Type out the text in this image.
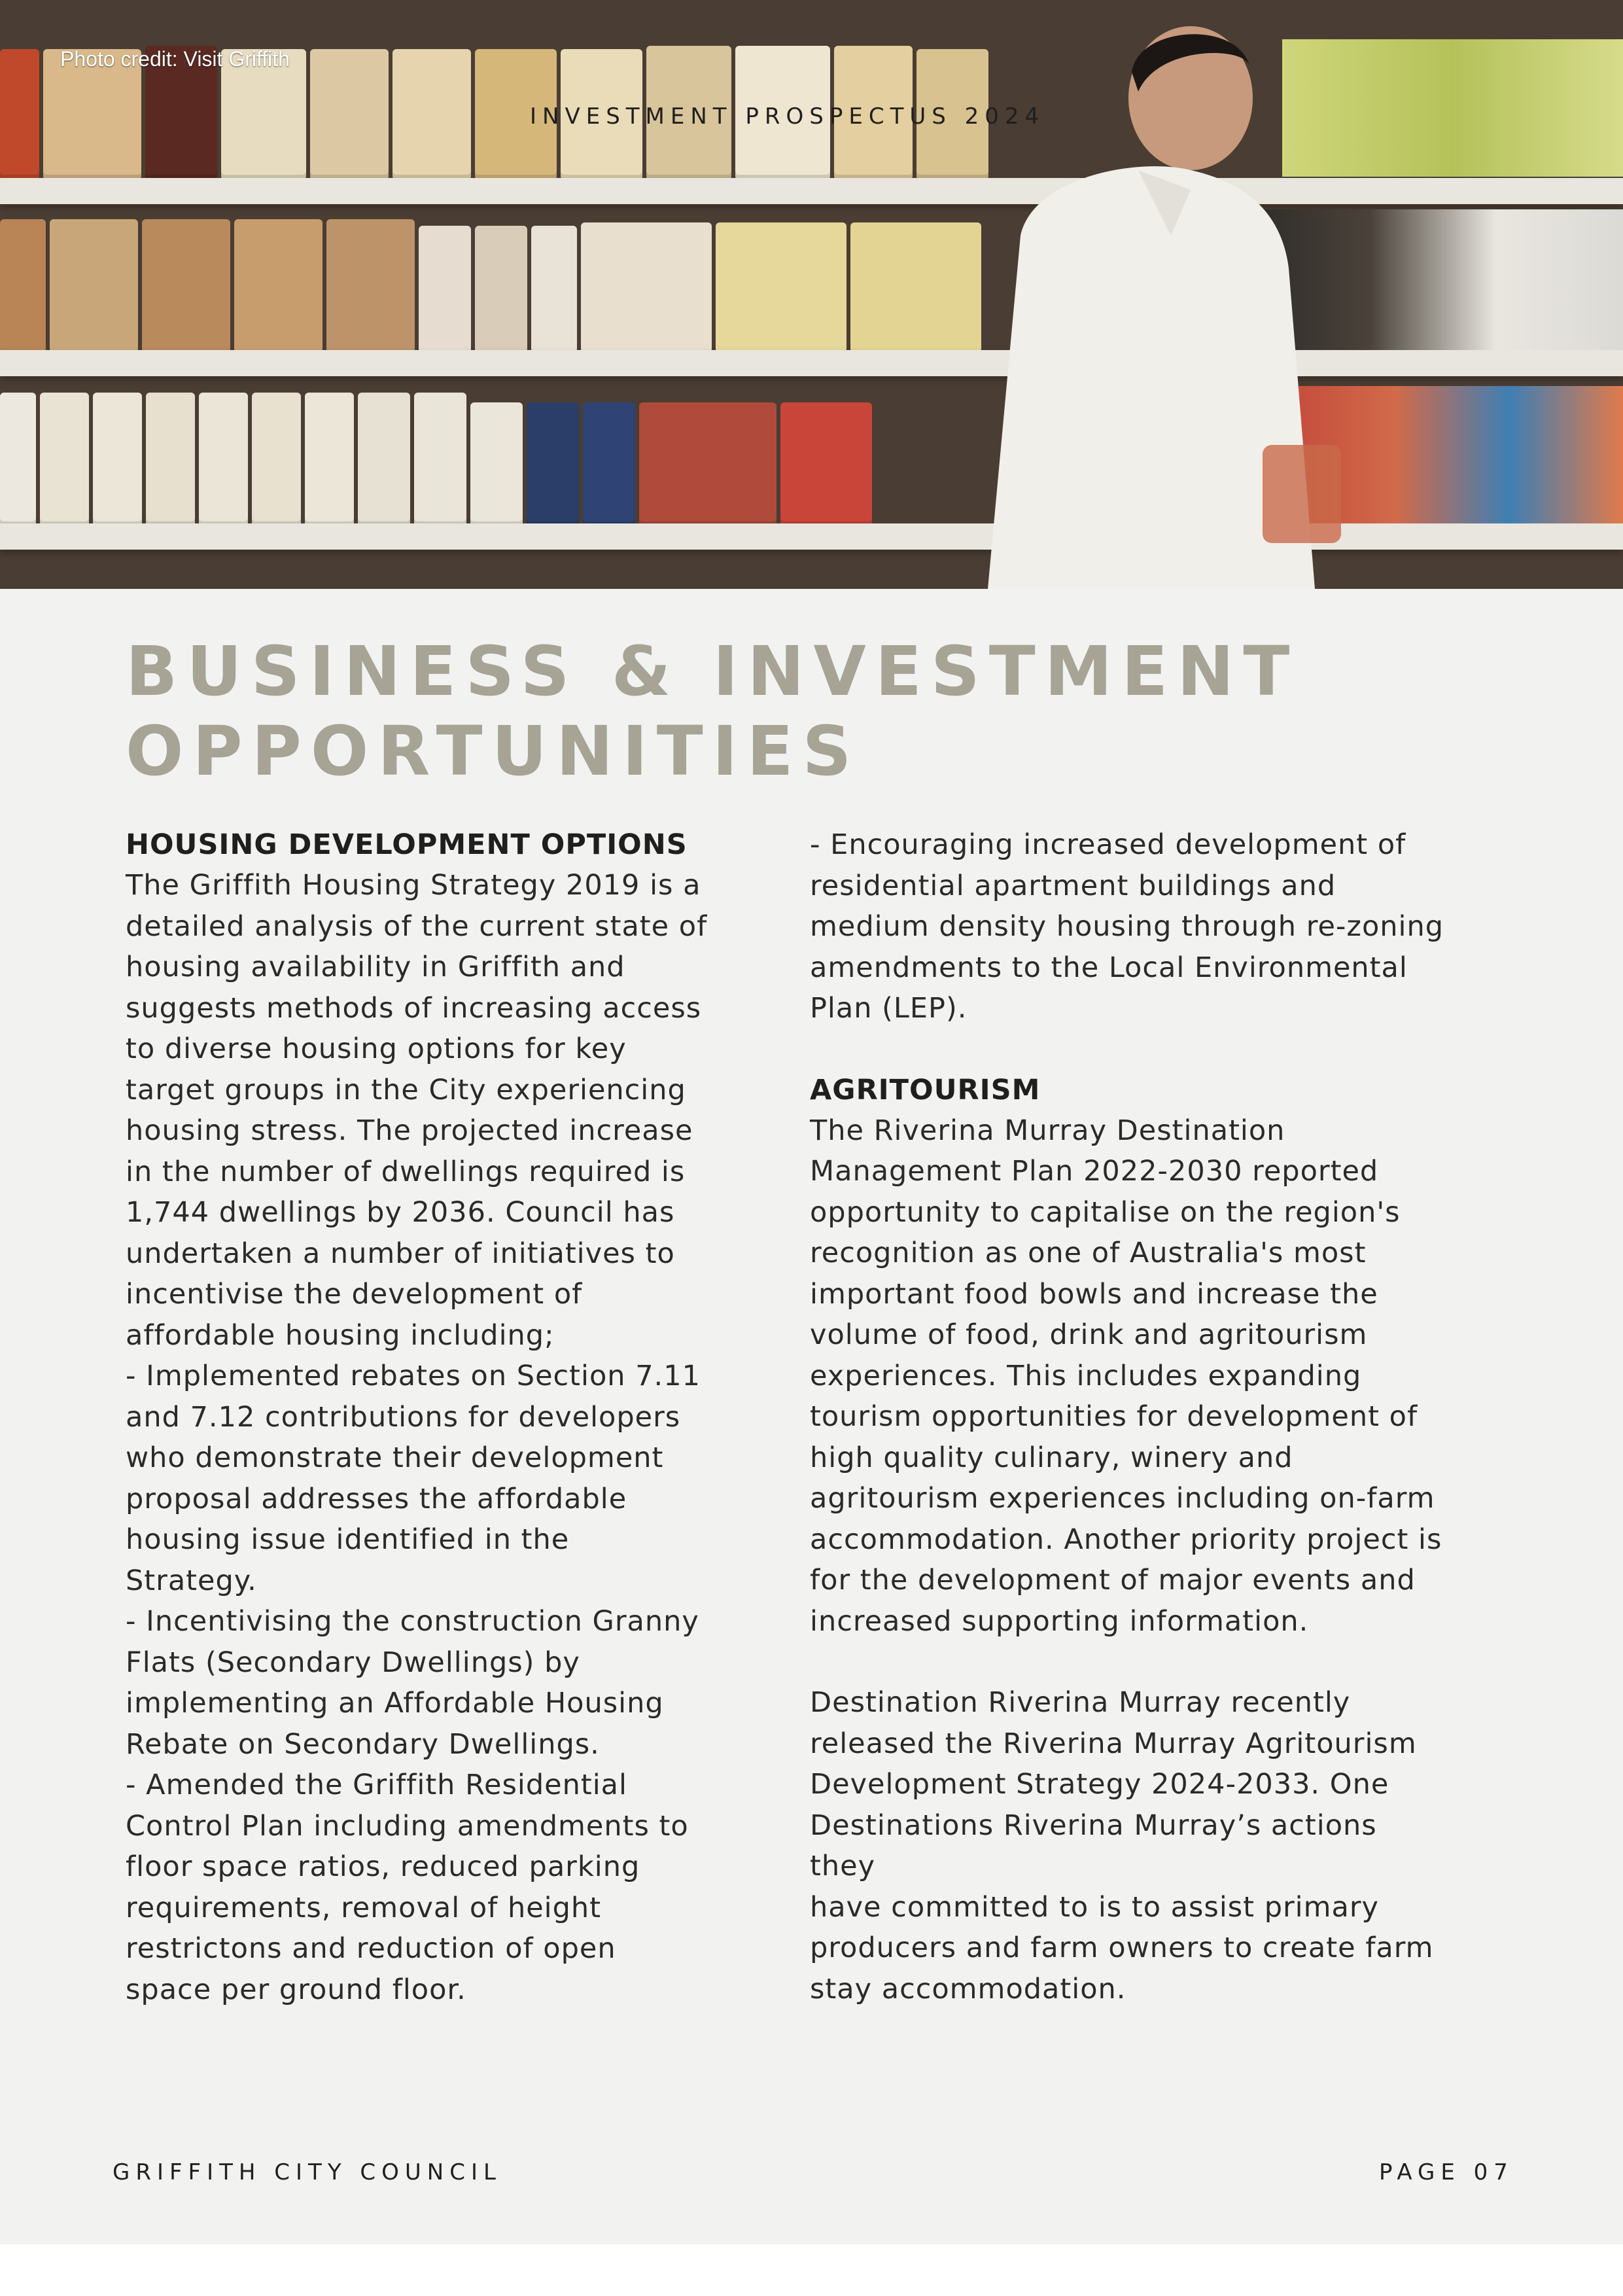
Photo credit: Visit Griffith
INVESTMENT PROSPECTUS 2024
BUSINESS & INVESTMENT
OPPORTUNITIES
HOUSING DEVELOPMENT OPTIONS

The Griffith Housing Strategy 2019 is a
detailed analysis of the current state of
housing availability in Griffith and
suggests methods of increasing access
to diverse housing options for key
target groups in the City experiencing
housing stress. The projected increase
in the number of dwellings required is
1,744 dwellings by 2036. Council has
undertaken a number of initiatives to
incentivise the development of
affordable housing including;
- Implemented rebates on Section 7.11
and 7.12 contributions for developers
who demonstrate their development
proposal addresses the affordable
housing issue identified in the
Strategy.
- Incentivising the construction Granny
Flats (Secondary Dwellings) by
implementing an Affordable Housing
Rebate on Secondary Dwellings.
- Amended the Griffith Residential
Control Plan including amendments to
floor space ratios, reduced parking
requirements, removal of height
restrictons and reduction of open
space per ground floor.

- Encouraging increased development of
residential apartment buildings and
medium density housing through re-zoning
amendments to the Local Environmental
Plan (LEP).

AGRITOURISM

The Riverina Murray Destination
Management Plan 2022-2030 reported
opportunity to capitalise on the region's
recognition as one of Australia's most
important food bowls and increase the
volume of food, drink and agritourism
experiences. This includes expanding
tourism opportunities for development of
high quality culinary, winery and
agritourism experiences including on-farm
accommodation. Another priority project is
for the development of major events and
increased supporting information.

Destination Riverina Murray recently
released the Riverina Murray Agritourism
Development Strategy 2024-2033. One
Destinations Riverina Murray’s actions they
have committed to is to assist primary
producers and farm owners to create farm
stay accommodation.

GRIFFITH CITY COUNCIL	PAGE 07
